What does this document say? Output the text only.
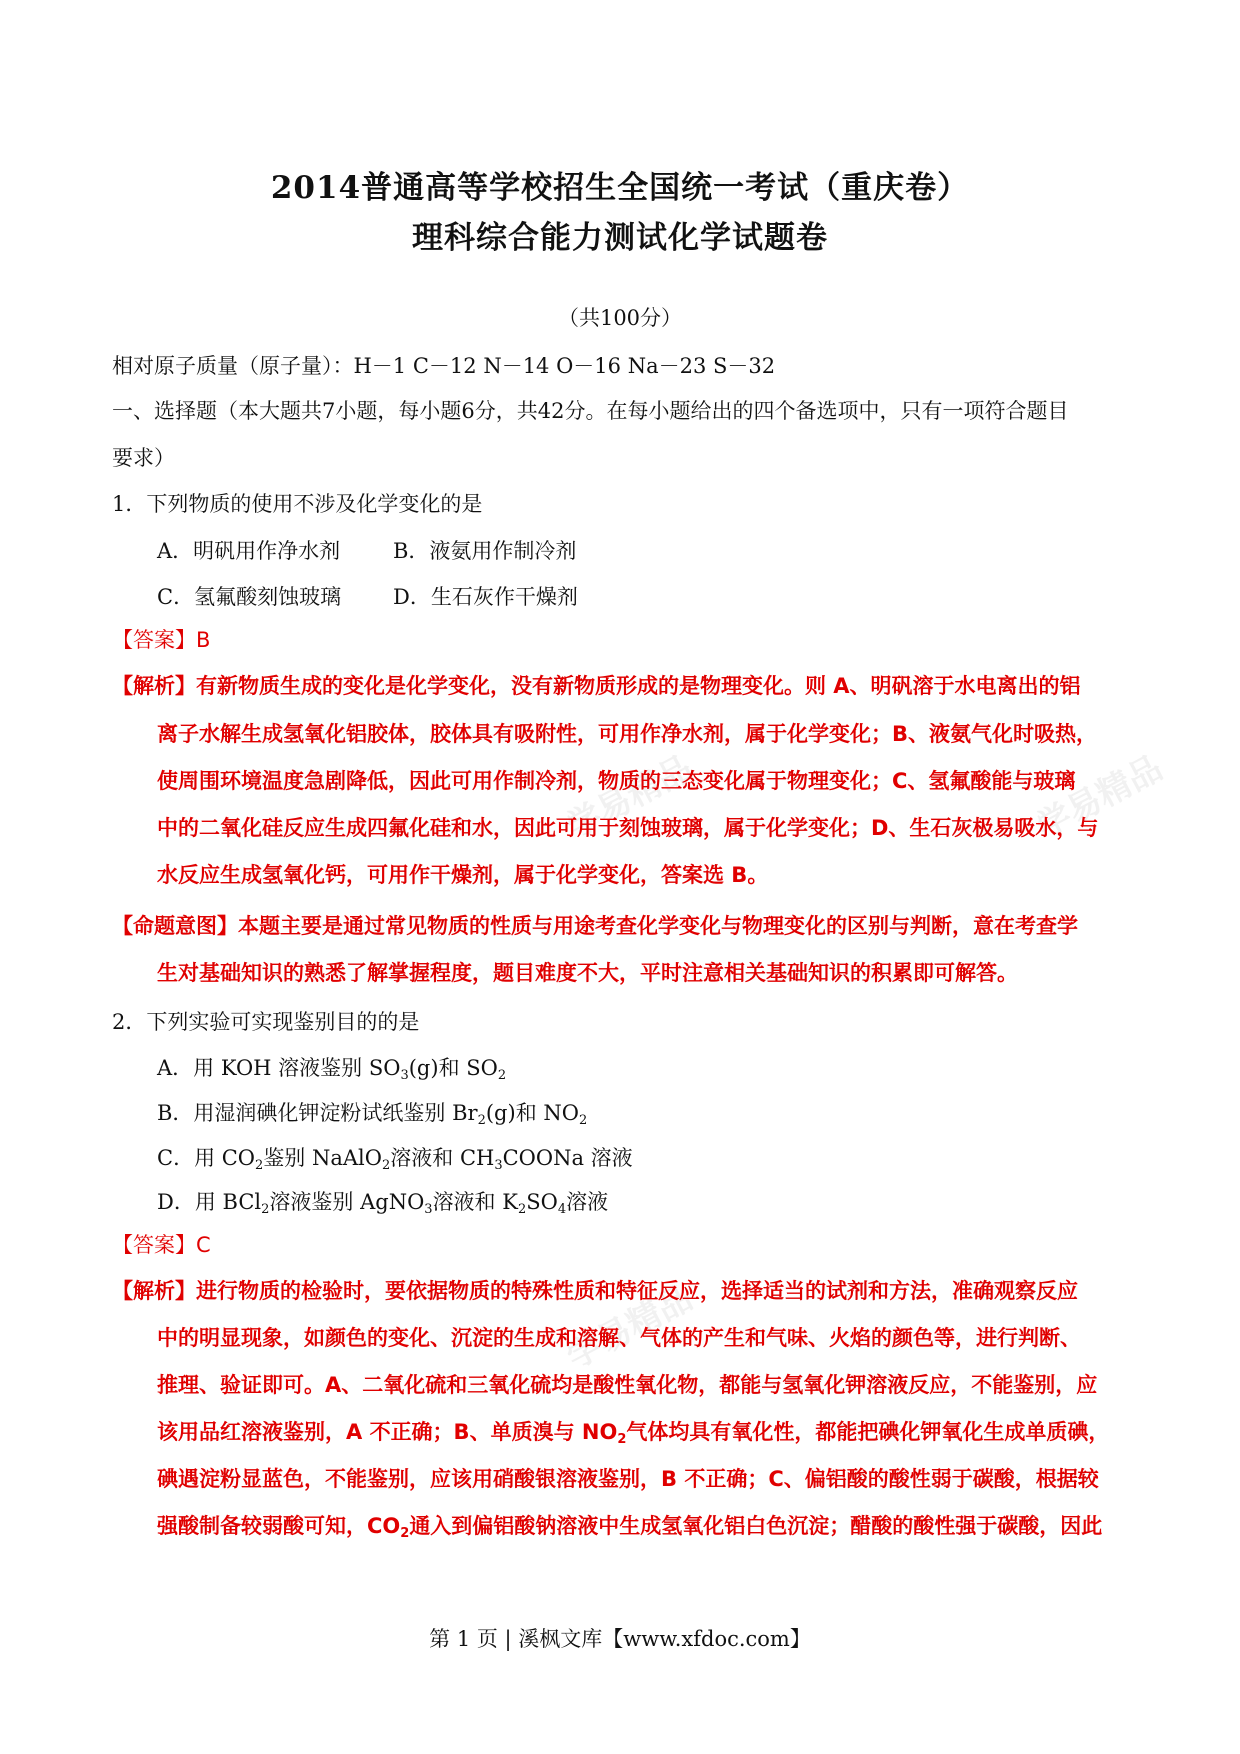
学易精品	学易精品
学易精品
2014普通高等学校招生全国统一考试（重庆卷）
理科综合能力测试化学试题卷
（共100分）
相对原子质量（原子量）：H－1 C－12 N－14 O－16 Na－23 S－32
一、选择题（本大题共7小题，每小题6分，共42分。在每小题给出的四个备选项中，只有一项符合题目
要求）
1．下列物质的使用不涉及化学变化的是
A．明矾用作净水剂	B．液氨用作制冷剂
C．氢氟酸刻蚀玻璃 D．生石灰作干燥剂
【答案】B
【解析】有新物质生成的变化是化学变化，没有新物质形成的是物理变化。则 A、明矾溶于水电离出的铝
离子水解生成氢氧化铝胶体，胶体具有吸附性，可用作净水剂，属于化学变化；B、液氨气化时吸热，
使周围环境温度急剧降低，因此可用作制冷剂，物质的三态变化属于物理变化；C、氢氟酸能与玻璃
中的二氧化硅反应生成四氟化硅和水，因此可用于刻蚀玻璃，属于化学变化；D、生石灰极易吸水，与
水反应生成氢氧化钙，可用作干燥剂，属于化学变化，答案选 B。
【命题意图】本题主要是通过常见物质的性质与用途考查化学变化与物理变化的区别与判断，意在考查学
生对基础知识的熟悉了解掌握程度，题目难度不大，平时注意相关基础知识的积累即可解答。
2．下列实验可实现鉴别目的的是
A．用 KOH 溶液鉴别 $SO_3(g)$和 $SO_2$
B．用湿润碘化钾淀粉试纸鉴别 $Br_2(g)$和 $NO_2$
C．用 $CO_2$鉴别 NaAlO$_2$溶液和 $CH_3COONa$ 溶液
D．用 BCl$_2$溶液鉴别 AgNO$_3$溶液和 $K_2SO_4$溶液
【答案】C
【解析】进行物质的检验时，要依据物质的特殊性质和特征反应，选择适当的试剂和方法，准确观察反应
中的明显现象，如颜色的变化、沉淀的生成和溶解、气体的产生和气味、火焰的颜色等，进行判断、
推理、验证即可。A、二氧化硫和三氧化硫均是酸性氧化物，都能与氢氧化钾溶液反应，不能鉴别，应
该用品红溶液鉴别，A 不正确；B、单质溴与 $NO_2$气体均具有氧化性，都能把碘化钾氧化生成单质碘，
碘遇淀粉显蓝色，不能鉴别，应该用硝酸银溶液鉴别，B 不正确；C、偏铝酸的酸性弱于碳酸，根据较
强酸制备较弱酸可知，$CO_2$通入到偏铝酸钠溶液中生成氢氧化铝白色沉淀；醋酸的酸性强于碳酸，因此
第 1 页 | 溪枫文库【www.xfdoc.com】
